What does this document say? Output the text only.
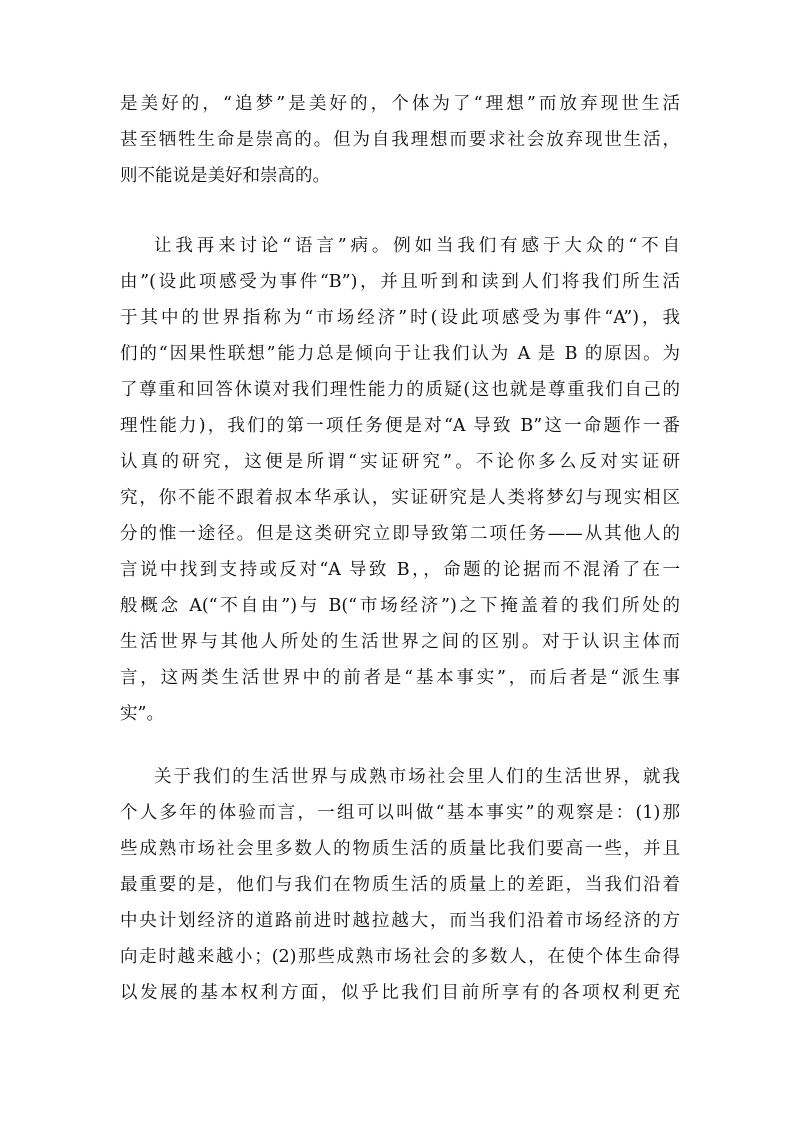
是美好的，“追梦”是美好的，个体为了“理想”而放弃现世生活
甚至牺牲生命是崇高的。但为自我理想而要求社会放弃现世生活，
则不能说是美好和崇高的。
让我再来讨论“语言”病。例如当我们有感于大众的“不自
由”(设此项感受为事件“B”)，并且听到和读到人们将我们所生活
于其中的世界指称为“市场经济”时(设此项感受为事件“A”)，我
们的“因果性联想”能力总是倾向于让我们认为 A 是 B 的原因。为
了尊重和回答休谟对我们理性能力的质疑(这也就是尊重我们自己的
理性能力)，我们的第一项任务便是对“A 导致 B”这一命题作一番
认真的研究，这便是所谓“实证研究”。不论你多么反对实证研
究，你不能不跟着叔本华承认，实证研究是人类将梦幻与现实相区
分的惟一途径。但是这类研究立即导致第二项任务——从其他人的
言说中找到支持或反对“A 导致 B，，命题的论据而不混淆了在一
般概念 A(“不自由”)与 B(“市场经济”)之下掩盖着的我们所处的
生活世界与其他人所处的生活世界之间的区别。对于认识主体而
言，这两类生活世界中的前者是“基本事实”，而后者是“派生事
实”。
关于我们的生活世界与成熟市场社会里人们的生活世界，就我
个人多年的体验而言，一组可以叫做“基本事实”的观察是：(1)那
些成熟市场社会里多数人的物质生活的质量比我们要高一些，并且
最重要的是，他们与我们在物质生活的质量上的差距，当我们沿着
中央计划经济的道路前进时越拉越大，而当我们沿着市场经济的方
向走时越来越小；(2)那些成熟市场社会的多数人，在使个体生命得
以发展的基本权利方面，似乎比我们目前所享有的各项权利更充
